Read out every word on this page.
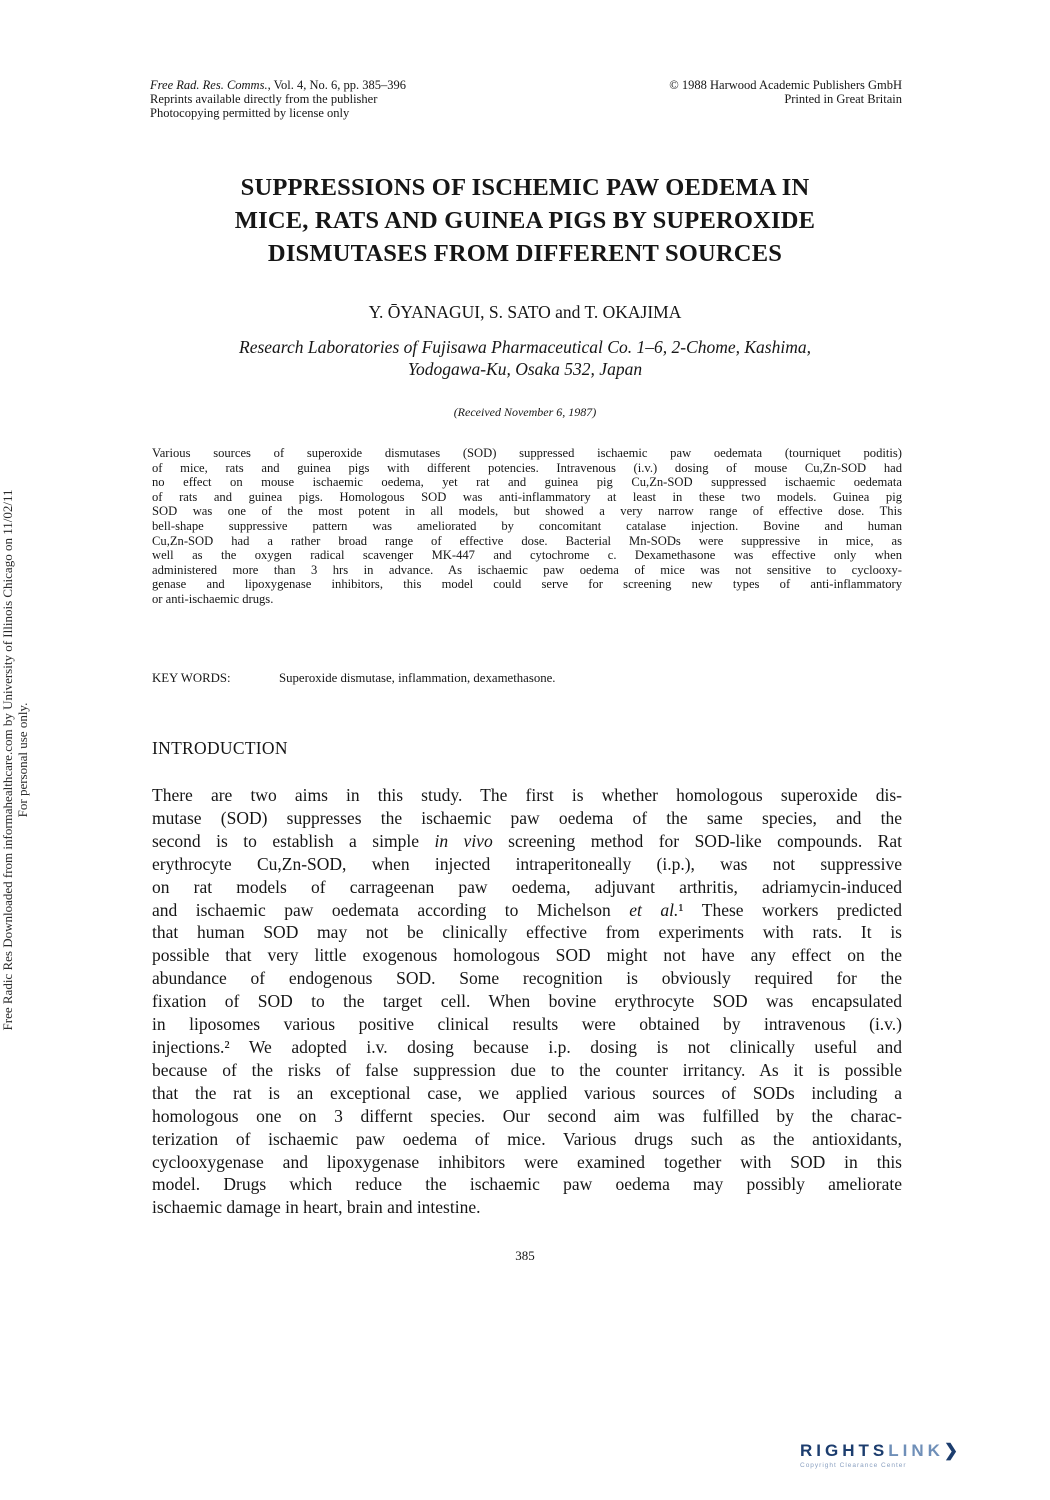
Free Rad. Res. Comms., Vol. 4, No. 6, pp. 385–396
Reprints available directly from the publisher
Photocopying permitted by license only
© 1988 Harwood Academic Publishers GmbH
Printed in Great Britain
SUPPRESSIONS OF ISCHEMIC PAW OEDEMA IN
MICE, RATS AND GUINEA PIGS BY SUPEROXIDE
DISMUTASES FROM DIFFERENT SOURCES
Y. ŌYANAGUI, S. SATO and T. OKAJIMA
Research Laboratories of Fujisawa Pharmaceutical Co. 1–6, 2-Chome, Kashima,
Yodogawa-Ku, Osaka 532, Japan
(Received November 6, 1987)
Various sources of superoxide dismutases (SOD) suppressed ischaemic paw oedemata (tourniquet poditis)
of mice, rats and guinea pigs with different potencies. Intravenous (i.v.) dosing of mouse Cu,Zn-SOD had
no effect on mouse ischaemic oedema, yet rat and guinea pig Cu,Zn-SOD suppressed ischaemic oedemata
of rats and guinea pigs. Homologous SOD was anti-inflammatory at least in these two models. Guinea pig
SOD was one of the most potent in all models, but showed a very narrow range of effective dose. This
bell-shape suppressive pattern was ameliorated by concomitant catalase injection. Bovine and human
Cu,Zn-SOD had a rather broad range of effective dose. Bacterial Mn-SODs were suppressive in mice, as
well as the oxygen radical scavenger MK-447 and cytochrome c. Dexamethasone was effective only when
administered more than 3 hrs in advance. As ischaemic paw oedema of mice was not sensitive to cyclooxy-
genase and lipoxygenase inhibitors, this model could serve for screening new types of anti-inflammatory
or anti-ischaemic drugs.
KEY WORDS:	Superoxide dismutase, inflammation, dexamethasone.
INTRODUCTION
There are two aims in this study. The first is whether homologous superoxide dis-
mutase (SOD) suppresses the ischaemic paw oedema of the same species, and the
second is to establish a simple in vivo screening method for SOD-like compounds. Rat
erythrocyte Cu,Zn-SOD, when injected intraperitoneally (i.p.), was not suppressive
on rat models of carrageenan paw oedema, adjuvant arthritis, adriamycin-induced
and ischaemic paw oedemata according to Michelson et al.¹ These workers predicted
that human SOD may not be clinically effective from experiments with rats. It is
possible that very little exogenous homologous SOD might not have any effect on the
abundance of endogenous SOD. Some recognition is obviously required for the
fixation of SOD to the target cell. When bovine erythrocyte SOD was encapsulated
in liposomes various positive clinical results were obtained by intravenous (i.v.)
injections.² We adopted i.v. dosing because i.p. dosing is not clinically useful and
because of the risks of false suppression due to the counter irritancy. As it is possible
that the rat is an exceptional case, we applied various sources of SODs including a
homologous one on 3 differnt species. Our second aim was fulfilled by the charac-
terization of ischaemic paw oedema of mice. Various drugs such as the antioxidants,
cyclooxygenase and lipoxygenase inhibitors were examined together with SOD in this
model. Drugs which reduce the ischaemic paw oedema may possibly ameliorate
ischaemic damage in heart, brain and intestine.
385
Free Radic Res Downloaded from informahealthcare.com by University of Illinois Chicago on 11/02/11 For personal use only.
RIGHTSLINK❯
Copyright Clearance Center
